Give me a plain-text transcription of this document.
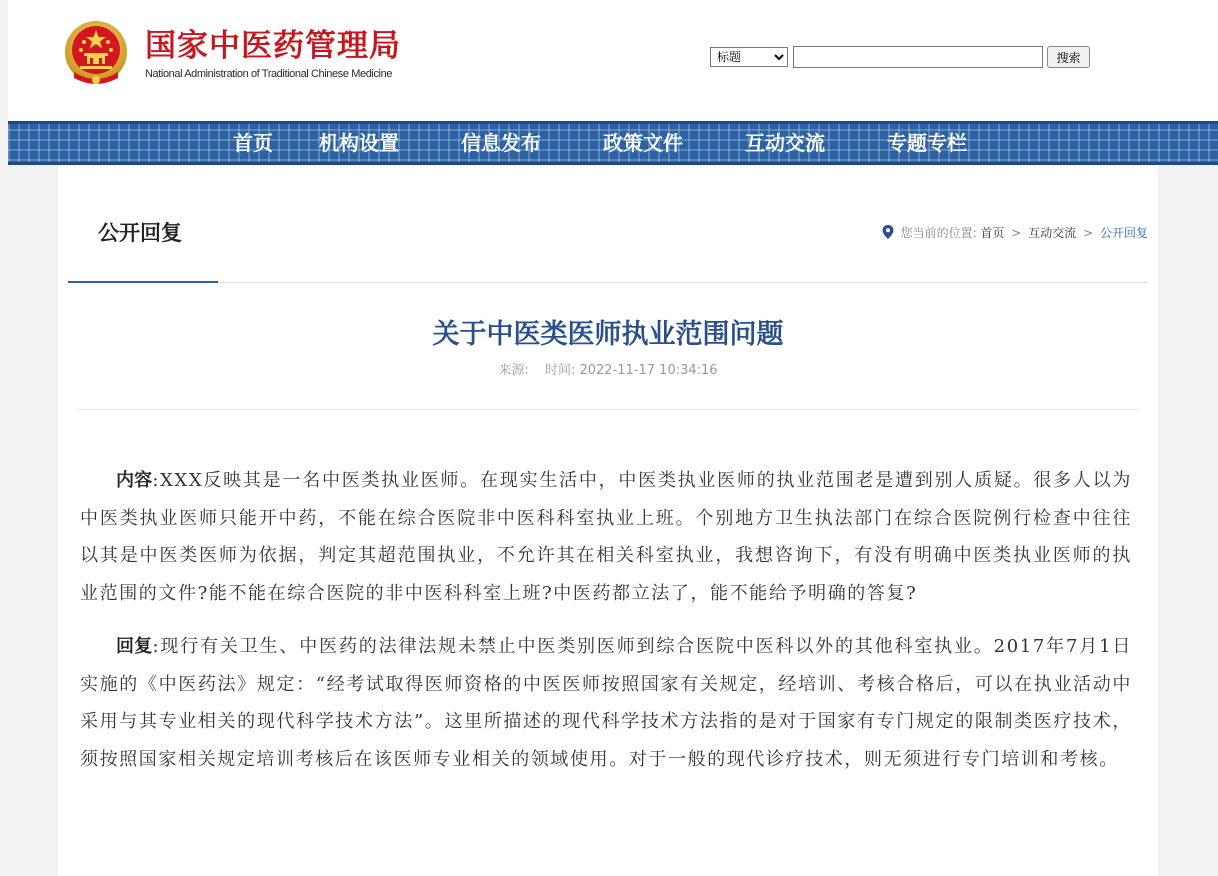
国家中医药管理局
National Administration of Traditional Chinese Medicine
标题
搜索
首页 机构设置	信息发布	政策文件	互动交流	专题专栏
公开回复	您当前的位置: 首页 > 互动交流 > 公开回复
关于中医类医师执业范围问题
来源: 时间: 2022-11-17 10:34:16

内容:XXX反映其是一名中医类执业医师。在现实生活中，中医类执业医师的执业范围老是遭到别人质疑。很多人以为中医类执业医师只能开中药，不能在综合医院非中医科科室执业上班。个别地方卫生执法部门在综合医院例行检查中往往以其是中医类医师为依据，判定其超范围执业，不允许其在相关科室执业，我想咨询下，有没有明确中医类执业医师的执业范围的文件?能不能在综合医院的非中医科科室上班?中医药都立法了，能不能给予明确的答复?

回复:现行有关卫生、中医药的法律法规未禁止中医类别医师到综合医院中医科以外的其他科室执业。2017年7月1日实施的《中医药法》规定：“经考试取得医师资格的中医医师按照国家有关规定，经培训、考核合格后，可以在执业活动中采用与其专业相关的现代科学技术方法”。这里所描述的现代科学技术方法指的是对于国家有专门规定的限制类医疗技术，须按照国家相关规定培训考核后在该医师专业相关的领域使用。对于一般的现代诊疗技术，则无须进行专门培训和考核。
